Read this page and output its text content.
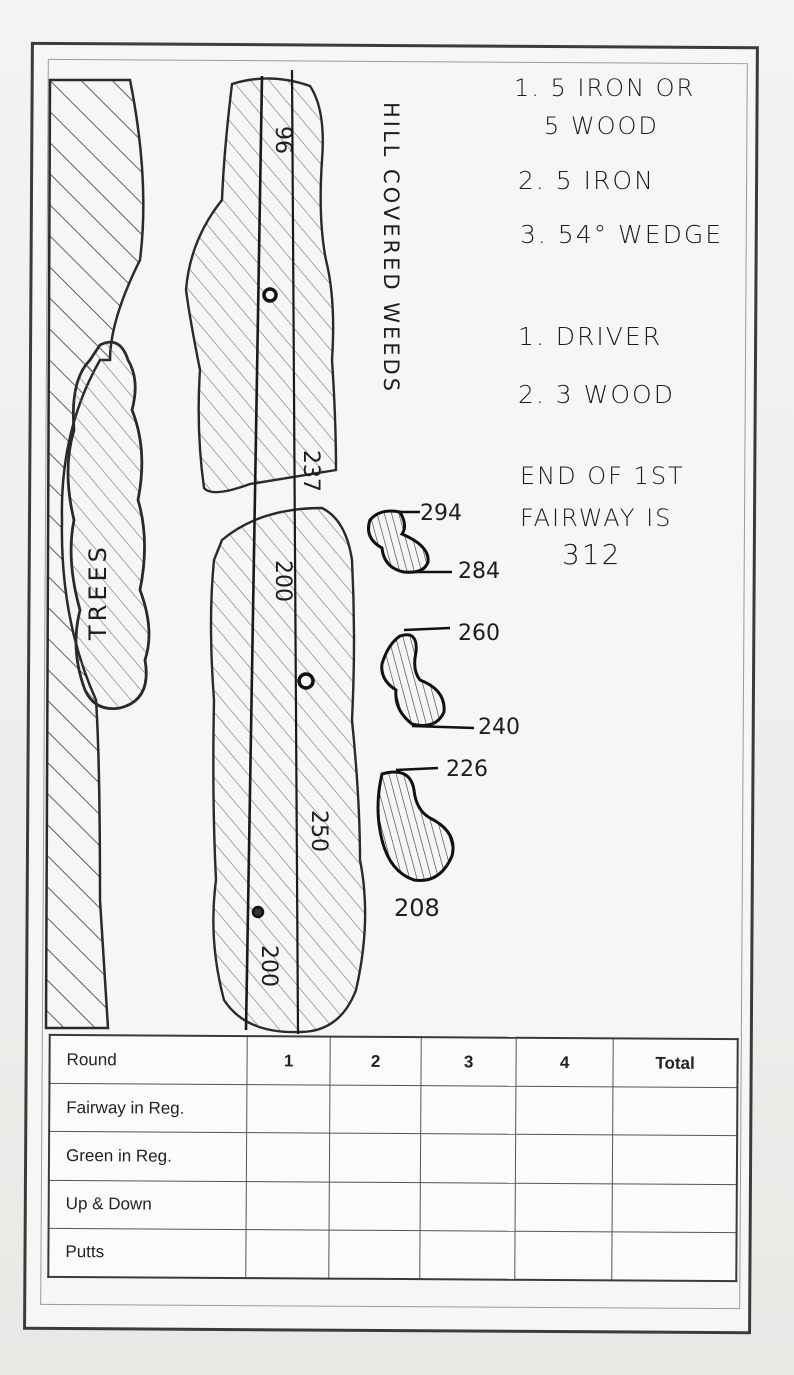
TREES
96
237
200
250
200
HILL COVERED WEEDS
294
284
260
240
226
208
1. 5 IRON OR
5 WOOD
2. 5 IRON
3. 54° WEDGE
1. DRIVER
2. 3 WOOD
END OF 1ST
FAIRWAY IS
312
Round	1	2	3	4	Total
Fairway in Reg.					
Green in Reg.					
Up & Down					
Putts					
